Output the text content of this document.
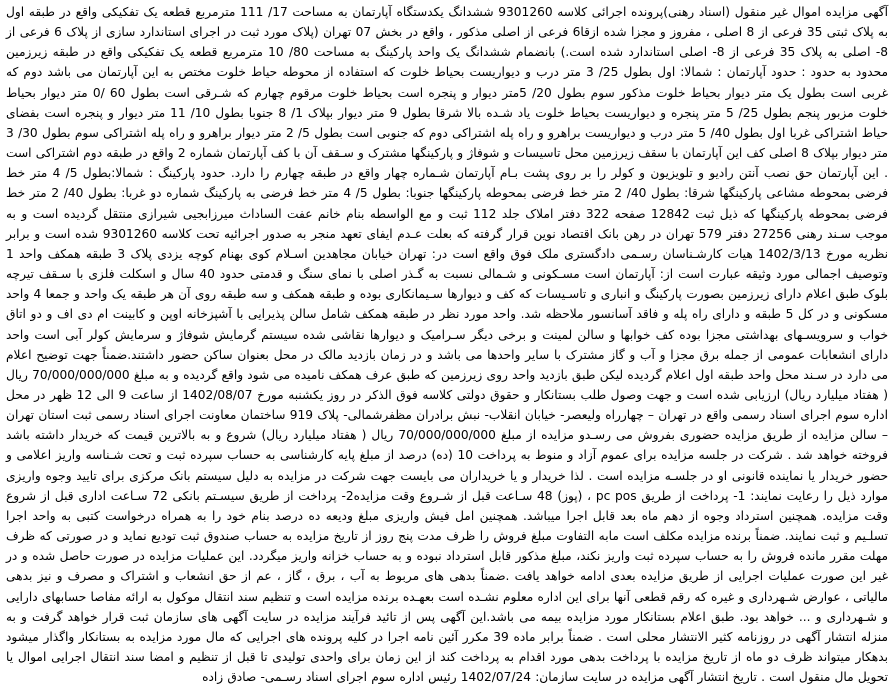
آگهی مزایده اموال غیر منقول (اسناد رهنی)پرونده اجرائی کلاسه 9301260 ششدانگ یکدستگاه آپارتمان به مساحت 17/ 111 مترمربع قطعه یک تفکیکی واقع در طبقه اول به پلاک ثبتی 35 فرعی از 8 اصلی ، مفروز و مجزا شده ازقا6 فرعی از اصلی مذکور ، واقع در بخش 07 تهران (پلاک مورد ثبت در اجرای استاندارد سازی از پلاک 6 فرعی از 8- اصلی به پلاک 35 فرعی از 8- اصلی استاندارد شده است.) بانضمام ششدانگ یک واحد پارکینگ به مساحت 80/ 10 مترمربع قطعه یک تفکیکی واقع در طبقه زیرزمین محدود به حدود : حدود آپارتمان : شمالا: اول بطول 25/ 3 متر درب و دیواریست بحیاط خلوت که استفاده از محوطه حیاط خلوت مختص به این آپارتمان می باشد دوم که غربی است بطول یک متر دیوار بحیاط خلوت مذکور سوم بطول 20/ 5متر دیوار و پنجره است بحیاط خلوت مرقوم چهارم که شـرقی است بطول 60 /0 متر دیوار بحیاط خلوت مزبور پنجم بطول 25/ 5 متر پنجره و دیواریست بحیاط خلوت یاد شـده بالا شرقا بطول 9 متر دیوار بپلاک 1/ 8 جنوبا بطول 10/ 11 متر دیوار و پنجره است بفضای حیاط اشتراکی غربا اول بطول 40/ 5 متر درب و دیواریست براهرو و راه پله اشتراکی دوم که جنوبی است بطول 5/ 2 متر دیوار براهرو و راه پله اشتراکی سوم بطول 30/ 3 متر دیوار بپلاک 8 اصلی کف این آپارتمان با سقف زیرزمین محل تاسیسات و شوفاژ و پارکینگها مشترک و سـقف آن با کف آپارتمان شماره 2 واقع در طبقه دوم اشتراکی است . این آپارتمان حق نصب آنتن رادیو و تلویزیون و کولر را بر روی پشت بـام آپارتمان شـماره چهار واقع در طبقه چهارم را دارد. حدود پارکینگ : شمالا:بطول 5/ 4 متر خط فرضی بمحوطه مشاعی پارکینگها شرقا: بطول 40/ 2 متر خط فرضی بمحوطه پارکینگها جنوبا: بطول 5/ 4 متر خط فرضی به پارکینگ شماره دو غربا: بطول 40/ 2 متر خط فرضی بمحوطه پارکینگها که ذیل ثبت 12842 صفحه 322 دفتر املاک جلد 112 ثبت و مع الواسطه بنام خانم عفت الساداث میرزابجیی شیرازی منتقل گردیده است و به موجب سـند رهنی 27256 دفتر 579 تهران در رهن بانک اقتصاد نوین قرار گرفته که بعلت عـدم ایفای تعهد منجر به صدور اجرائیه تحت کلاسه 9301260 شده است و برابر نظریه مورخ 1402/3/13 هیات کارشـناسان رسـمی دادگستری ملک فوق واقع است در: تهران خیابان مجاهدین اسـلام کوی بهنام کوچه یزدی پلاک 3 طبقه همکف واحد 1 وتوصیف اجمالی مورد وثیقه عبارت است از: آپارتمان است مسـکونی و شـمالی نسبت به گـذر اصلی با نمای سنگ و قدمتی حدود 40 سال و اسکلت فلزی با سـقف تیرچه بلوک طبق اعلام دارای زیرزمین بصورت پارکینگ و انباری و تاسـیسات که کف و دیوارها سـیمانکاری بوده و طبقه همکف و سه طبقه روی آن هر طبقه یک واحد و جمعا 4 واحد مسکونی و در کل 5 طبقه و دارای راه پله و فاقد آسانسور ملاحظه شد. واحد مورد نظر در طبقه همکف شامل سالن پذیرایی با آشپزخانه اوپن و کابینت ام دی اف و دو اتاق خواب و سرویسـهای بهداشتی مجزا بوده کف خوابها و سالن لمینت و برخی دیگر سـرامیک و دیوارها نقاشی شده سیستم گرمایش شوفاژ و سرمایش کولر آبی است واحد دارای انشعابات عمومی از جمله برق مجزا و آب و گاز مشترک با سایر واحدها می باشد و در زمان بازدید مالک در محل بعنوان ساکن حضور داشتند.ضمناً جهت توضیح اعلام می دارد در سـند محل واحد طبقه اول اعلام گردیده لیکن طبق بازدید واحد روی زیرزمین که طبق عرف همکف نامیده می شود واقع گردیده و به مبلغ 70/000/000/000 ریال ( هفتاد میلیارد ریال) ارزیابی شده است و جهت وصول طلب بستانکار و حقوق دولتی کلاسه فوق الذکر در روز یکشنبه مورخ 1402/08/07 از ساعت 9 الی 12 ظهر در محل اداره سوم اجرای اسناد رسمی واقع در تهران – چهارراه ولیعصر- خیابان انقلاب- نبش برادران مظفرشمالی- پلاک 919 ساختمان معاونت اجرای اسناد رسمی ثبت استان تهران – سالن مزایده از طریق مزایده حضوری بفروش می رسـدو مزایده از مبلغ 70/000/000/000 ریال ( هفتاد میلیارد ریال) شروع و به بالاترین قیمت که خریدار داشته باشد فروخته خواهد شد . شرکت در جلسه مزایده برای عموم آزاد و منوط به پرداخت 10 (ده) درصد از مبلغ پایه کارشناسی به حساب سپرده ثبت و تحت شـناسه واریز اعلامی و حضور خریدار یا نماینده قانونی او در جلسـه مزایده است . لذا خریدار و یا خریداران می بایست جهت شرکت در مزایده به دلیل سیستم بانک مرکزی برای تایید وجوه واریزی موارد ذیل را رعایت نمایند: 1- پرداخت از طریق pc pos ، (پوز) 48 سـاعت قبل از شـروع وقت مزایده2- پرداخت از طریق سیسـتم بانکی 72 سـاعت اداری قبل از شروع وقت مزایده. همچنین استرداد وجوه از دهم ماه بعد قابل اجرا میباشد. همچنین امل فیش واریزی مبلغ ودیعه ده درصد بنام خود را به همراه درخواست کتبی به واحد اجرا تسلـیم و ثبت نمایند. ضمناً برنده مزایده مکلف است مابه التفاوت مبلغ فروش را ظرف مدت پنج روز از تاریخ مزایده به حساب صندوق ثبت تودیع نماید و در صورتی که ظرف مهلت مقرر مانده فروش را به حساب سپرده ثبت واریز نکند، مبلغ مذکور قابل استرداد نبوده و به حساب خزانه واریز میگردد. این عملیات مزایده در صورت حاصل شده و در غیر این صورت عملیات اجرایی از طریق مزایده بعدی ادامه خواهد یافت .ضمناً بدهی های مربوط به آب ، برق ، گاز ، عم از حق انشعاب و اشتراک و مصرف و نیز بدهی مالیاتی ، عوارض شـهرداری و غیره که رقم قطعی آنها برای این اداره معلوم نشـده است بعهـده برنده مزایده است و تنظیم سند انتقال موکول به ارائه مفاصا حسابهای دارایی و شـهرداری و ... خواهد بود. طبق اعلام بستانکار مورد مزایده بیمه می باشد.این آگهی پس از تائید فرآیند مزایده در سایت آگهی های سازمان ثبت قرار خواهد گرفت و به منزله انتشار آگهی در روزنامه کثیر الانتشار محلی است . ضمناً برابر ماده 39 مکرر آئین نامه اجرا در کلیه پرونده های اجرایی که مال مورد مزایده به بستانکار واگذار میشود بدهکار میتواند ظرف دو ماه از تاریخ مزایده با پرداخت بدهی مورد اقدام به پرداخت کند از این زمان برای واحدی تولیدی تا قبل از تنظیم و امضا سند انتقال اجرایی اموال یا تحویل مال منقول است . تاریخ انتشار آگهی مزایده در سایت سازمان: 1402/07/24 رئیس اداره سوم اجرای اسناد رسـمی- صادق زاده
